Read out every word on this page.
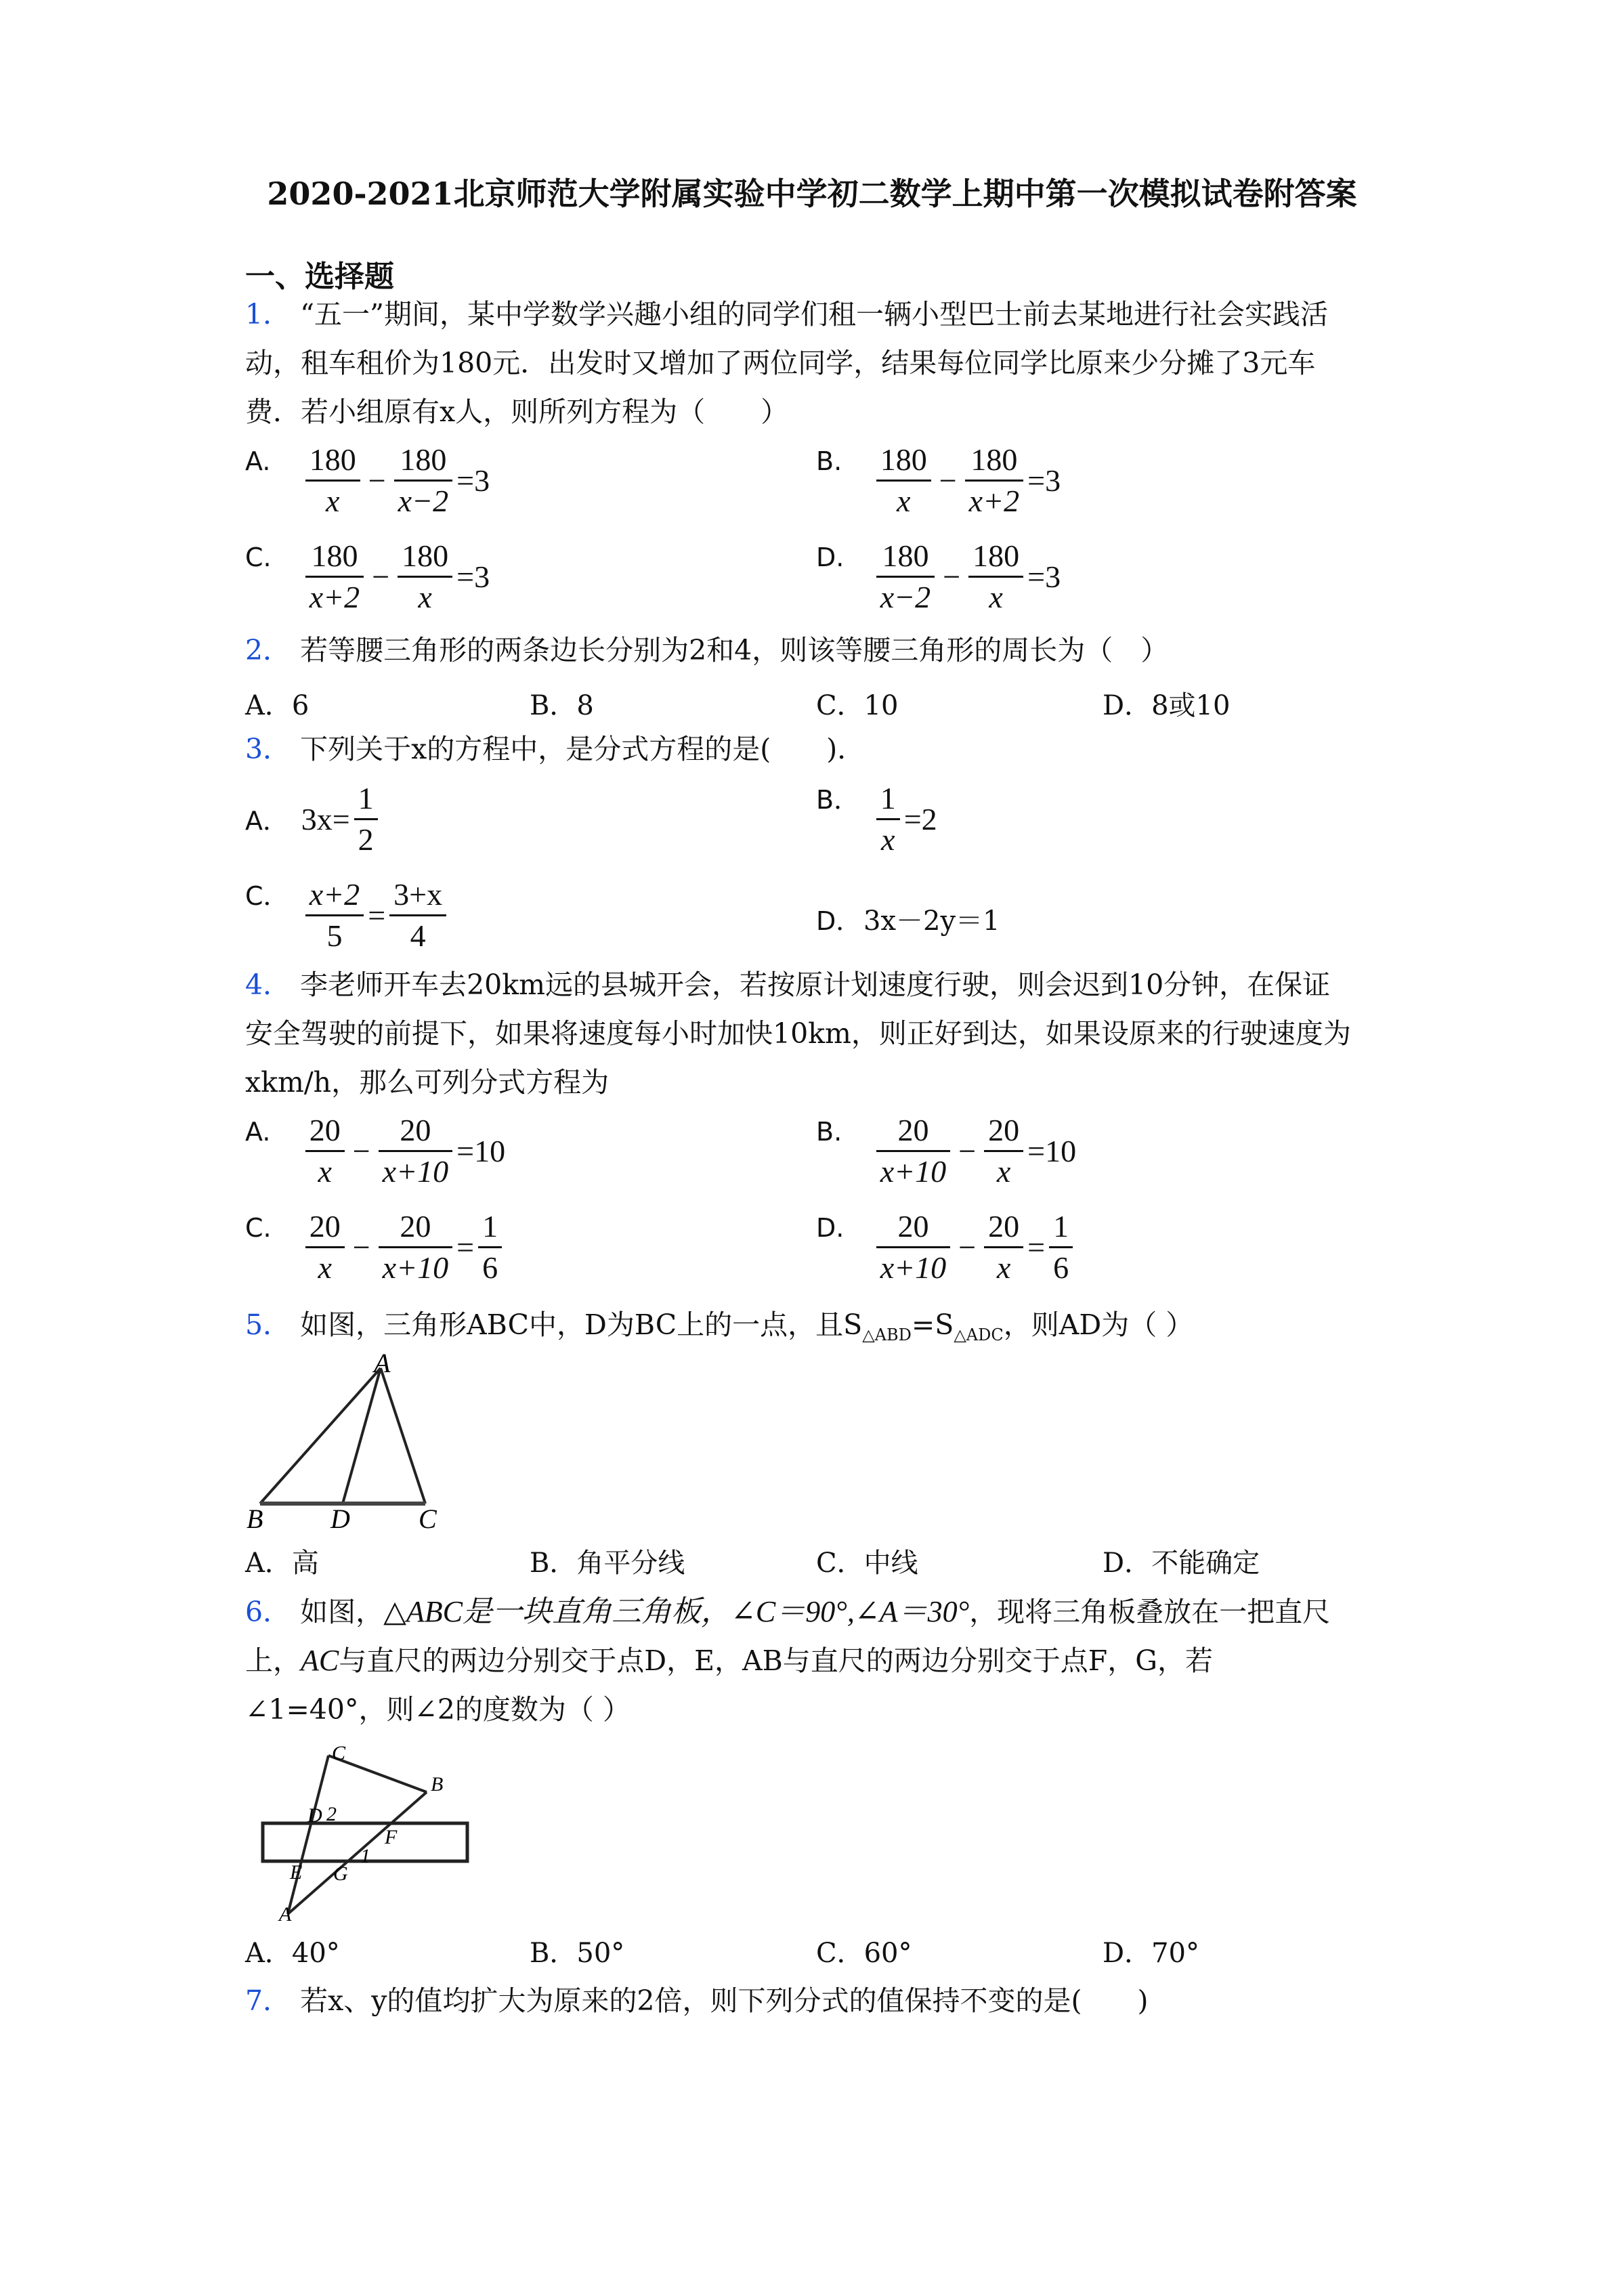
2020-2021北京师范大学附属实验中学初二数学上期中第一次模拟试卷附答案
一、选择题
1． “五一”期间，某中学数学兴趣小组的同学们租一辆小型巴士前去某地进行社会实践活
动，租车租价为180元．出发时又增加了两位同学，结果每位同学比原来少分摊了3元车
费．若小组原有x人，则所列方程为（　　）
A. $\frac{180}{x} - \frac{180}{x-2} =3$
B. $\frac{180}{x} - \frac{180}{x+2} =3$
C. $\frac{180}{x+2} - \frac{180}{x} =3$
D. $\frac{180}{x-2} - \frac{180}{x} =3$
2． 若等腰三角形的两条边长分别为2和4，则该等腰三角形的周长为（　）
A．6	B．8	C．10	D．8或10
3． 下列关于x的方程中，是分式方程的是(　　)．
A． $3x= \frac{1}{2}$	B． $\frac{1}{x} =2$
C． $\frac{x+2}{5} = \frac{3+x}{4}$	D．3x－2y＝1
4． 李老师开车去20km远的县城开会，若按原计划速度行驶，则会迟到10分钟，在保证
安全驾驶的前提下，如果将速度每小时加快10km，则正好到达，如果设原来的行驶速度为
xkm/h，那么可列分式方程为
A. $\frac{20}{x} - \frac{20}{x+10} =10$
B. $\frac{20}{x+10} - \frac{20}{x} =10$
C. $\frac{20}{x} - \frac{20}{x+10} = \frac{1}{6}$	D. $\frac{20}{x+10} - \frac{20}{x} = \frac{1}{6}$
5． 如图，三角形ABC中，D为BC上的一点，且$S_{\triangle ABD}=S_{\triangle ADC}$，则AD为（ ）
A
B D	C
A．高	B．角平分线	C．中线	D．不能确定
6． 如图，△ABC是一块直角三角板，∠C＝90°,∠A＝30°，现将三角板叠放在一把直尺
上，AC与直尺的两边分别交于点D，E，AB与直尺的两边分别交于点F，G，若
∠1=40°，则∠2的度数为（ ）
C
B
D 2
F
1
E G
A
A．40°	B．50°	C．60°	D．70°
7． 若x、y的值均扩大为原来的2倍，则下列分式的值保持不变的是(　　)
